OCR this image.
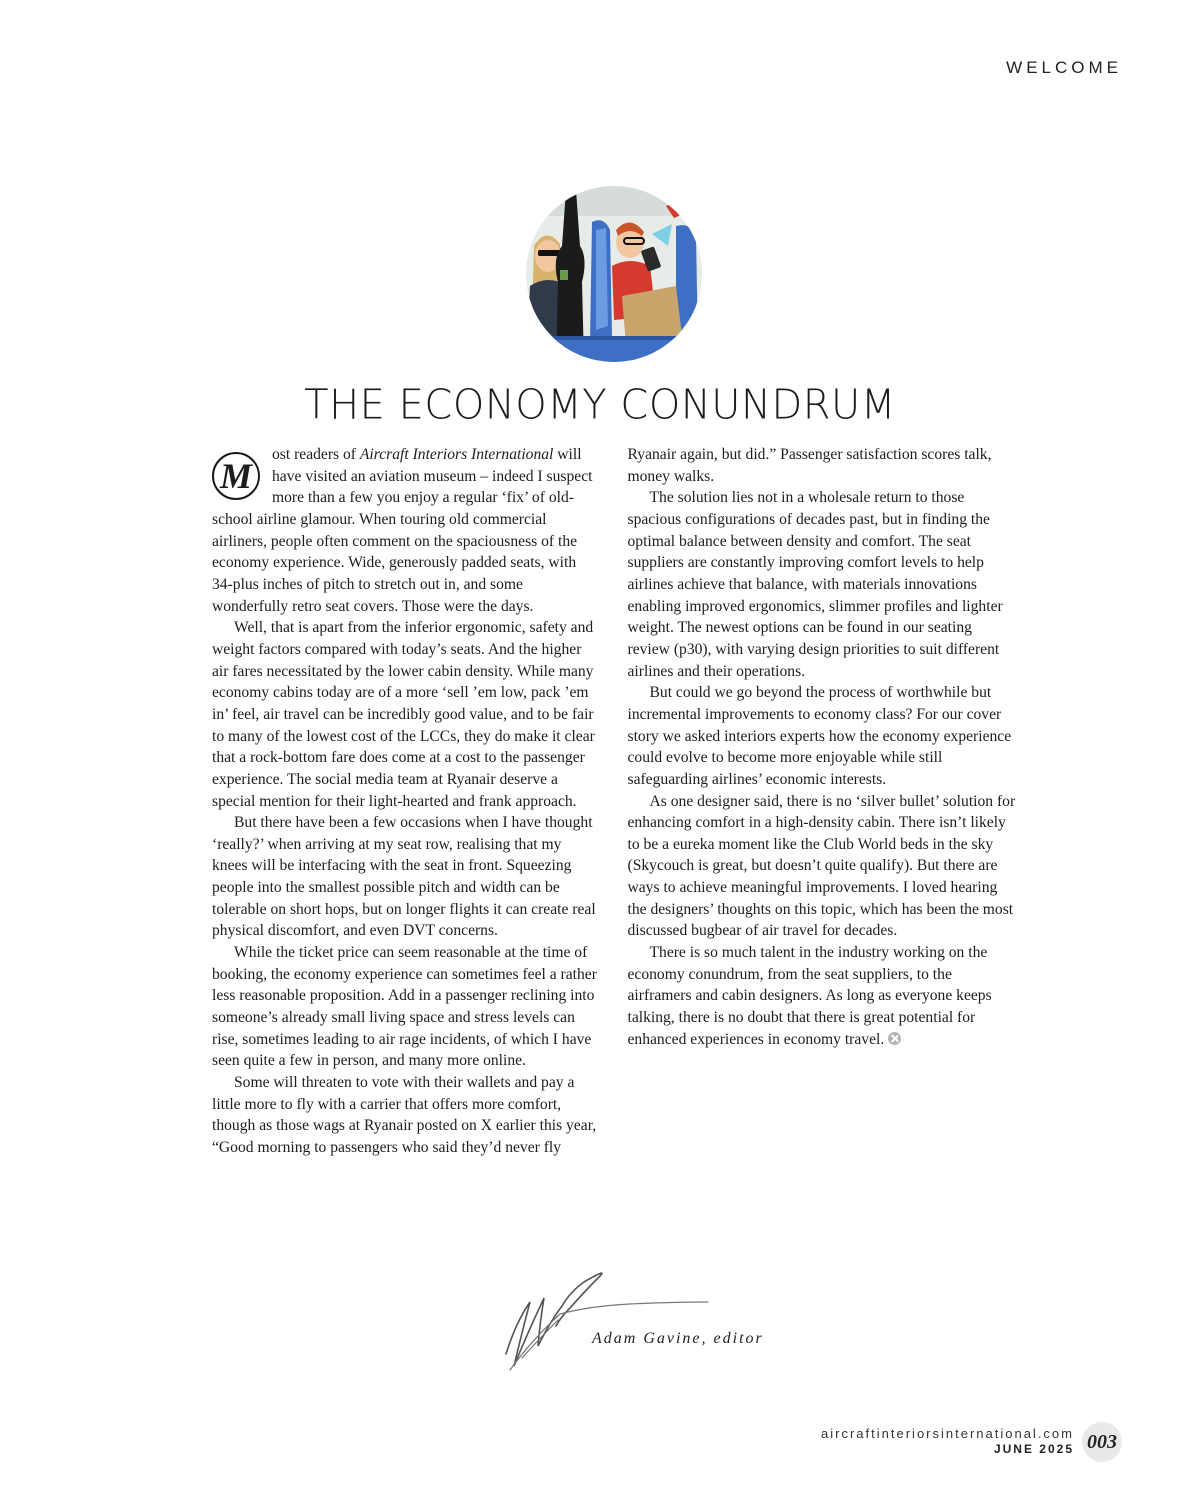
WELCOME
THE ECONOMY CONUNDRUM

M
ost readers of Aircraft Interiors International will have visited an aviation museum – indeed I suspect more than a few you enjoy a regular ‘fix’ of old-school airline glamour. When touring old commercial airliners, people often comment on the spaciousness of the economy experience. Wide, generously padded seats, with 34-plus inches of pitch to stretch out in, and some wonderfully retro seat covers. Those were the days.

Well, that is apart from the inferior ergonomic, safety and weight factors compared with today’s seats. And the higher air fares necessitated by the lower cabin density. While many economy cabins today are of a more ‘sell ’em low, pack ’em in’ feel, air travel can be incredibly good value, and to be fair to many of the lowest cost of the LCCs, they do make it clear that a rock-bottom fare does come at a cost to the passenger experience. The social media team at Ryanair deserve a special mention for their light-hearted and frank approach.

But there have been a few occasions when I have thought ‘really?’ when arriving at my seat row, realising that my knees will be interfacing with the seat in front. Squeezing people into the smallest possible pitch and width can be tolerable on short hops, but on longer flights it can create real physical discomfort, and even DVT concerns.

While the ticket price can seem reasonable at the time of booking, the economy experience can sometimes feel a rather less reasonable proposition. Add in a passenger reclining into someone’s already small living space and stress levels can rise, sometimes leading to air rage incidents, of which I have seen quite a few in person, and many more online.

Some will threaten to vote with their wallets and pay a little more to fly with a carrier that offers more comfort, though as those wags at Ryanair posted on X earlier this year, “Good morning to passengers who said they’d never fly Ryanair again, but did.” Passenger satisfaction scores talk, money walks.

The solution lies not in a wholesale return to those spacious configurations of decades past, but in finding the optimal balance between density and comfort. The seat suppliers are constantly improving comfort levels to help airlines achieve that balance, with materials innovations enabling improved ergonomics, slimmer profiles and lighter weight. The newest options can be found in our seating review (p30), with varying design priorities to suit different airlines and their operations.

But could we go beyond the process of worthwhile but incremental improvements to economy class? For our cover story we asked interiors experts how the economy experience could evolve to become more enjoyable while still safeguarding airlines’ economic interests.

As one designer said, there is no ‘silver bullet’ solution for enhancing comfort in a high-density cabin. There isn’t likely to be a eureka moment like the Club World beds in the sky (Skycouch is great, but doesn’t quite qualify). But there are ways to achieve meaningful improvements. I loved hearing the designers’ thoughts on this topic, which has been the most discussed bugbear of air travel for decades.

There is so much talent in the industry working on the economy conundrum, from the seat suppliers, to the airframers and cabin designers. As long as everyone keeps talking, there is no doubt that there is great potential for enhanced experiences in economy travel.

Adam Gavine, editor
aircraftinteriorsinternational.com
JUNE 2025 003
